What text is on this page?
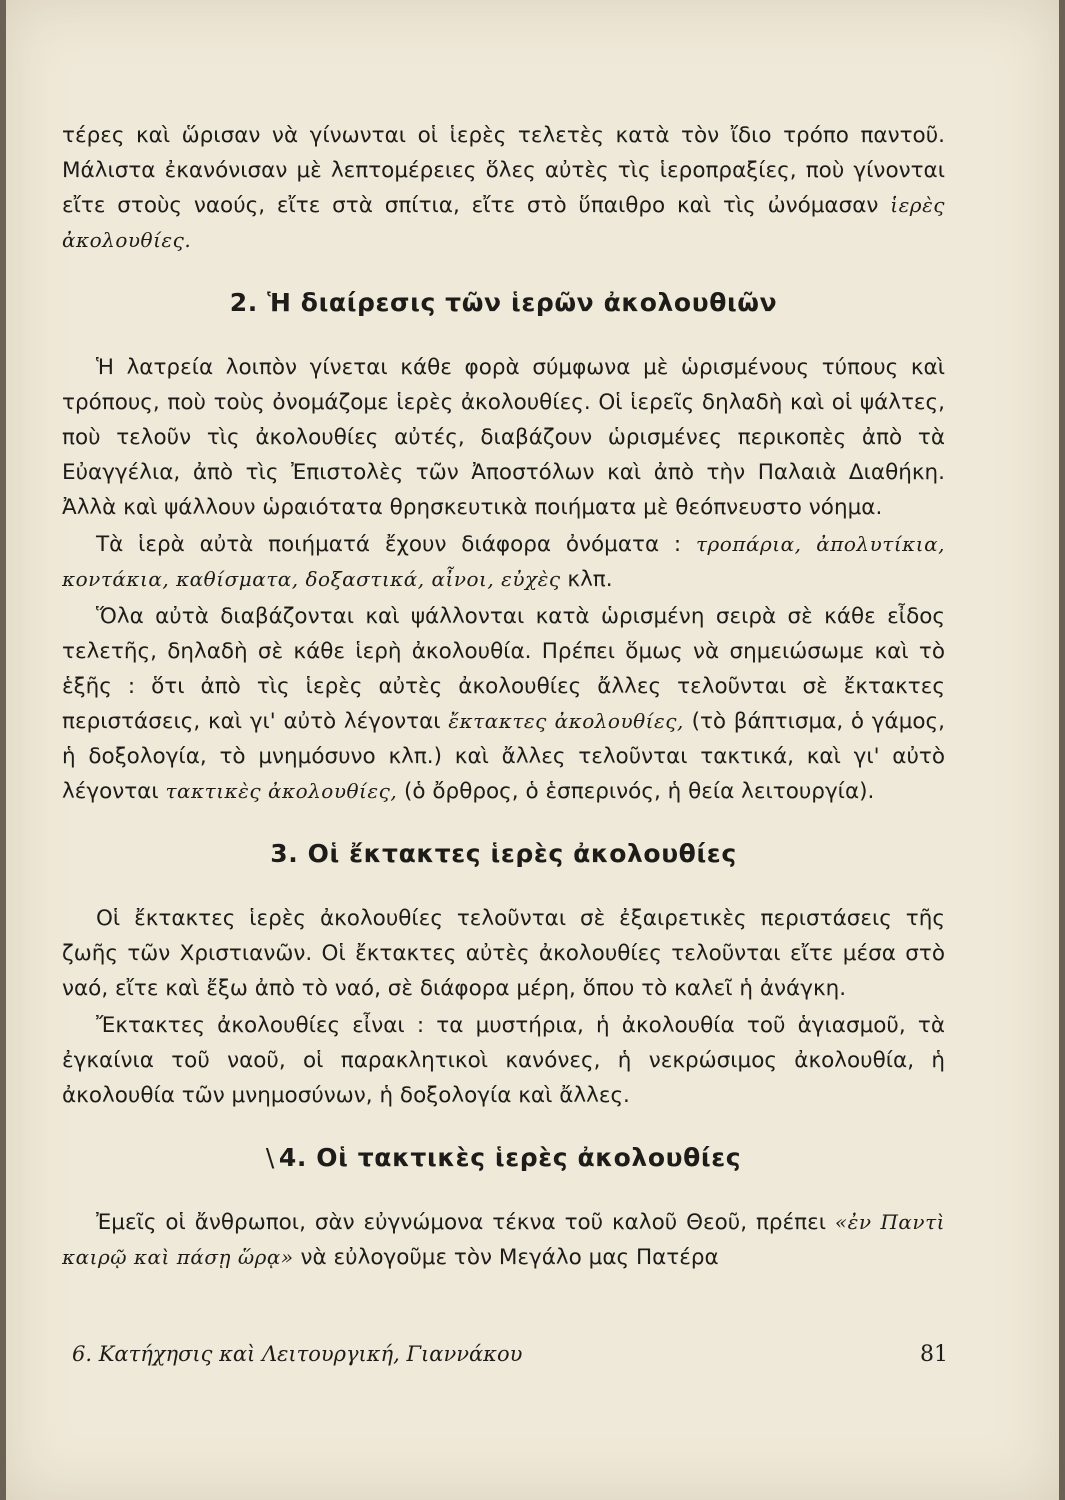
τέρες καὶ ὥρισαν νὰ γίνωνται οἱ ἱερὲς τελετὲς κατὰ τὸν ἴδιο τρόπο παντοῦ. Μάλιστα ἐκανόνισαν μὲ λεπτομέρειες ὅλες αὐτὲς τὶς ἱεροπραξίες, ποὺ γίνονται εἴτε στοὺς ναούς, εἴτε στὰ σπίτια, εἴτε στὸ ὕπαιθρο καὶ τὶς ὠνόμασαν ἱερὲς ἀκολουθίες.

2. Ἡ διαίρεσις τῶν ἱερῶν ἀκολουθιῶν

Ἡ λατρεία λοιπὸν γίνεται κάθε φορὰ σύμφωνα μὲ ὡρισμένους τύπους καὶ τρόπους, ποὺ τοὺς ὀνομάζομε ἱερὲς ἀκολουθίες. Οἱ ἱερεῖς δηλαδὴ καὶ οἱ ψάλτες, ποὺ τελοῦν τὶς ἀκολουθίες αὐτές, διαβάζουν ὡρισμένες περικοπὲς ἀπὸ τὰ Εὐαγγέλια, ἀπὸ τὶς Ἐπιστολὲς τῶν Ἀποστόλων καὶ ἀπὸ τὴν Παλαιὰ Διαθήκη. Ἀλλὰ καὶ ψάλλουν ὡραιότατα θρησκευτικὰ ποιήματα μὲ θεόπνευστο νόημα.

Τὰ ἱερὰ αὐτὰ ποιήματά ἔχουν διάφορα ὀνόματα : τροπάρια, ἀπολυτίκια, κοντάκια, καθίσματα, δοξαστικά, αἶνοι, εὐχὲς κλπ.

Ὅλα αὐτὰ διαβάζονται καὶ ψάλλονται κατὰ ὡρισμένη σειρὰ σὲ κάθε εἶδος τελετῆς, δηλαδὴ σὲ κάθε ἱερὴ ἀκολουθία. Πρέπει ὅμως νὰ σημειώσωμε καὶ τὸ ἑξῆς : ὅτι ἀπὸ τὶς ἱερὲς αὐτὲς ἀκολουθίες ἄλλες τελοῦνται σὲ ἔκτακτες περιστάσεις, καὶ γι' αὐτὸ λέγονται ἔκτακτες ἀκολουθίες, (τὸ βάπτισμα, ὁ γάμος, ἡ δοξολογία, τὸ μνημόσυνο κλπ.) καὶ ἄλλες τελοῦνται τακτικά, καὶ γι' αὐτὸ λέγονται τακτικὲς ἀκολουθίες, (ὁ ὄρθρος, ὁ ἑσπερινός, ἡ θεία λειτουργία).

3. Οἱ ἔκτακτες ἱερὲς ἀκολουθίες

Οἱ ἔκτακτες ἱερὲς ἀκολουθίες τελοῦνται σὲ ἐξαιρετικὲς περιστάσεις τῆς ζωῆς τῶν Χριστιανῶν. Οἱ ἔκτακτες αὐτὲς ἀκολουθίες τελοῦνται εἴτε μέσα στὸ ναό, εἴτε καὶ ἔξω ἀπὸ τὸ ναό, σὲ διάφορα μέρη, ὅπου τὸ καλεῖ ἡ ἀνάγκη.

Ἔκτακτες ἀκολουθίες εἶναι : τα μυστήρια, ἡ ἀκολουθία τοῦ ἁγιασμοῦ, τὰ ἐγκαίνια τοῦ ναοῦ, οἱ παρακλητικοὶ κανόνες, ἡ νεκρώσιμος ἀκολουθία, ἡ ἀκολουθία τῶν μνημοσύνων, ἡ δοξολογία καὶ ἄλλες.

\ 4. Οἱ τακτικὲς ἱερὲς ἀκολουθίες

Ἐμεῖς οἱ ἄνθρωποι, σὰν εὐγνώμονα τέκνα τοῦ καλοῦ Θεοῦ, πρέπει «ἐν Παντὶ καιρῷ καὶ πάσῃ ὥρᾳ» νὰ εὐλογοῦμε τὸν Μεγάλο μας Πατέρα

6. Κατήχησις καὶ Λειτουργική, Γιαννάκου	81
